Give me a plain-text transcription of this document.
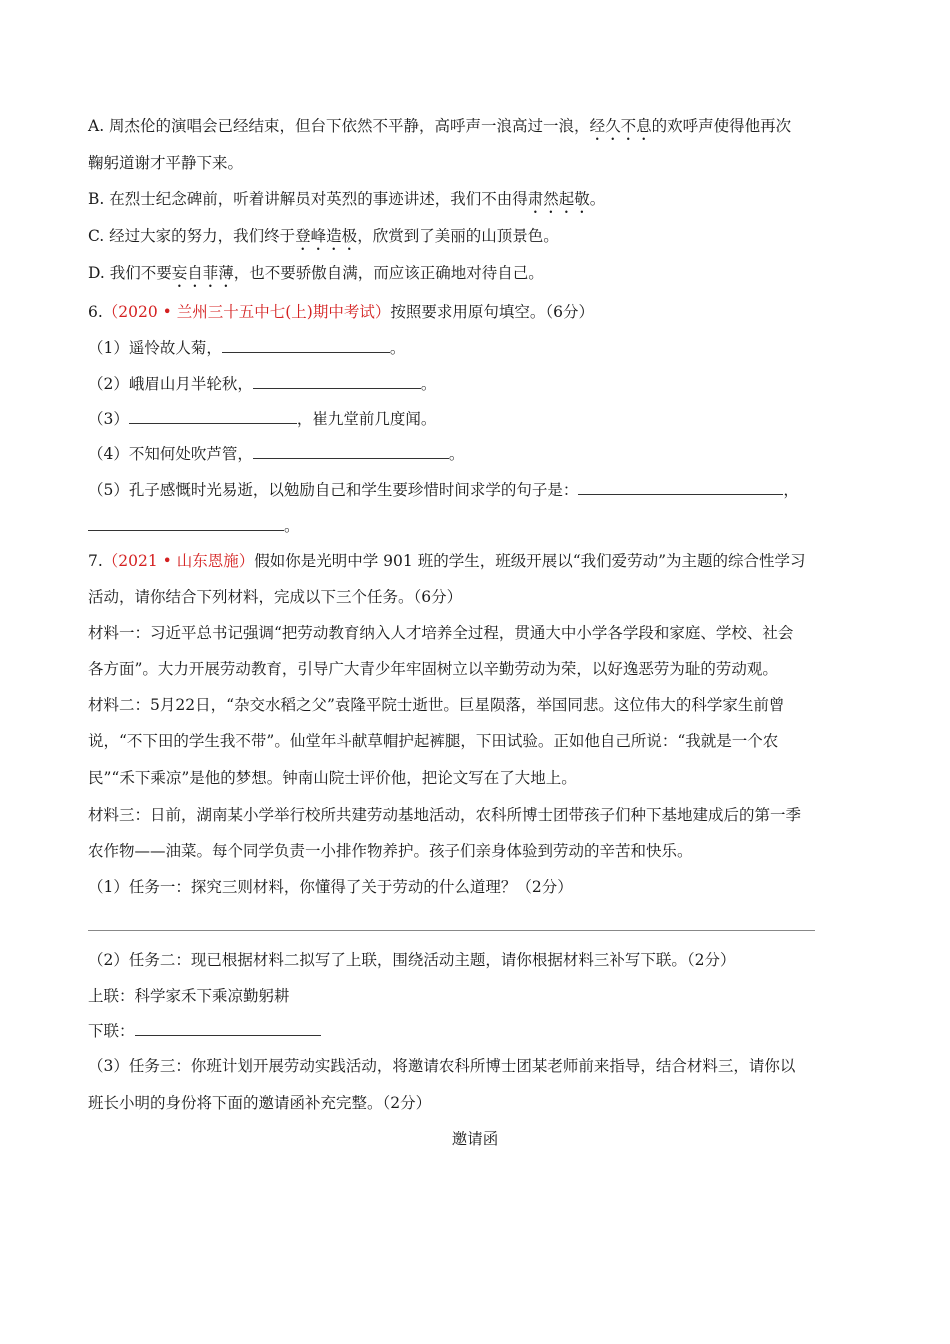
A. 周杰伦的演唱会已经结束，但台下依然不平静，高呼声一浪高过一浪，经久不息的欢呼声使得他再次
鞠躬道谢才平静下来。
B. 在烈士纪念碑前，听着讲解员对英烈的事迹讲述，我们不由得肃然起敬。
C. 经过大家的努力，我们终于登峰造极，欣赏到了美丽的山顶景色。
D. 我们不要妄自菲薄，也不要骄傲自满，而应该正确地对待自己。
6.（2020 • 兰州三十五中七(上)期中考试）按照要求用原句填空。（6分）
（1）遥怜故人菊，	。
（2）峨眉山月半轮秋，	。
（3）	，崔九堂前几度闻。
（4）不知何处吹芦管，	。
（5）孔子感慨时光易逝，以勉励自己和学生要珍惜时间求学的句子是：	，
。
7.（2021 • 山东恩施）假如你是光明中学 901 班的学生，班级开展以“我们爱劳动”为主题的综合性学习
活动，请你结合下列材料，完成以下三个任务。（6分）
材料一：习近平总书记强调“把劳动教育纳入人才培养全过程，贯通大中小学各学段和家庭、学校、社会
各方面”。大力开展劳动教育，引导广大青少年牢固树立以辛勤劳动为荣，以好逸恶劳为耻的劳动观。
材料二：5月22日，“杂交水稻之父”袁隆平院士逝世。巨星陨落，举国同悲。这位伟大的科学家生前曾
说，“不下田的学生我不带”。仙堂年斗献草帽护起裤腿，下田试验。正如他自己所说：“我就是一个农
民”“禾下乘凉”是他的梦想。钟南山院士评价他，把论文写在了大地上。
材料三：日前，湖南某小学举行校所共建劳动基地活动，农科所博士团带孩子们种下基地建成后的第一季
农作物——油菜。每个同学负责一小排作物养护。孩子们亲身体验到劳动的辛苦和快乐。
（1）任务一：探究三则材料，你懂得了关于劳动的什么道理？（2分）
（2）任务二：现已根据材料二拟写了上联，围绕活动主题，请你根据材料三补写下联。（2分）
上联：科学家禾下乘凉勤躬耕
下联：
（3）任务三：你班计划开展劳动实践活动，将邀请农科所博士团某老师前来指导，结合材料三，请你以
班长小明的身份将下面的邀请函补充完整。（2分）
邀请函
